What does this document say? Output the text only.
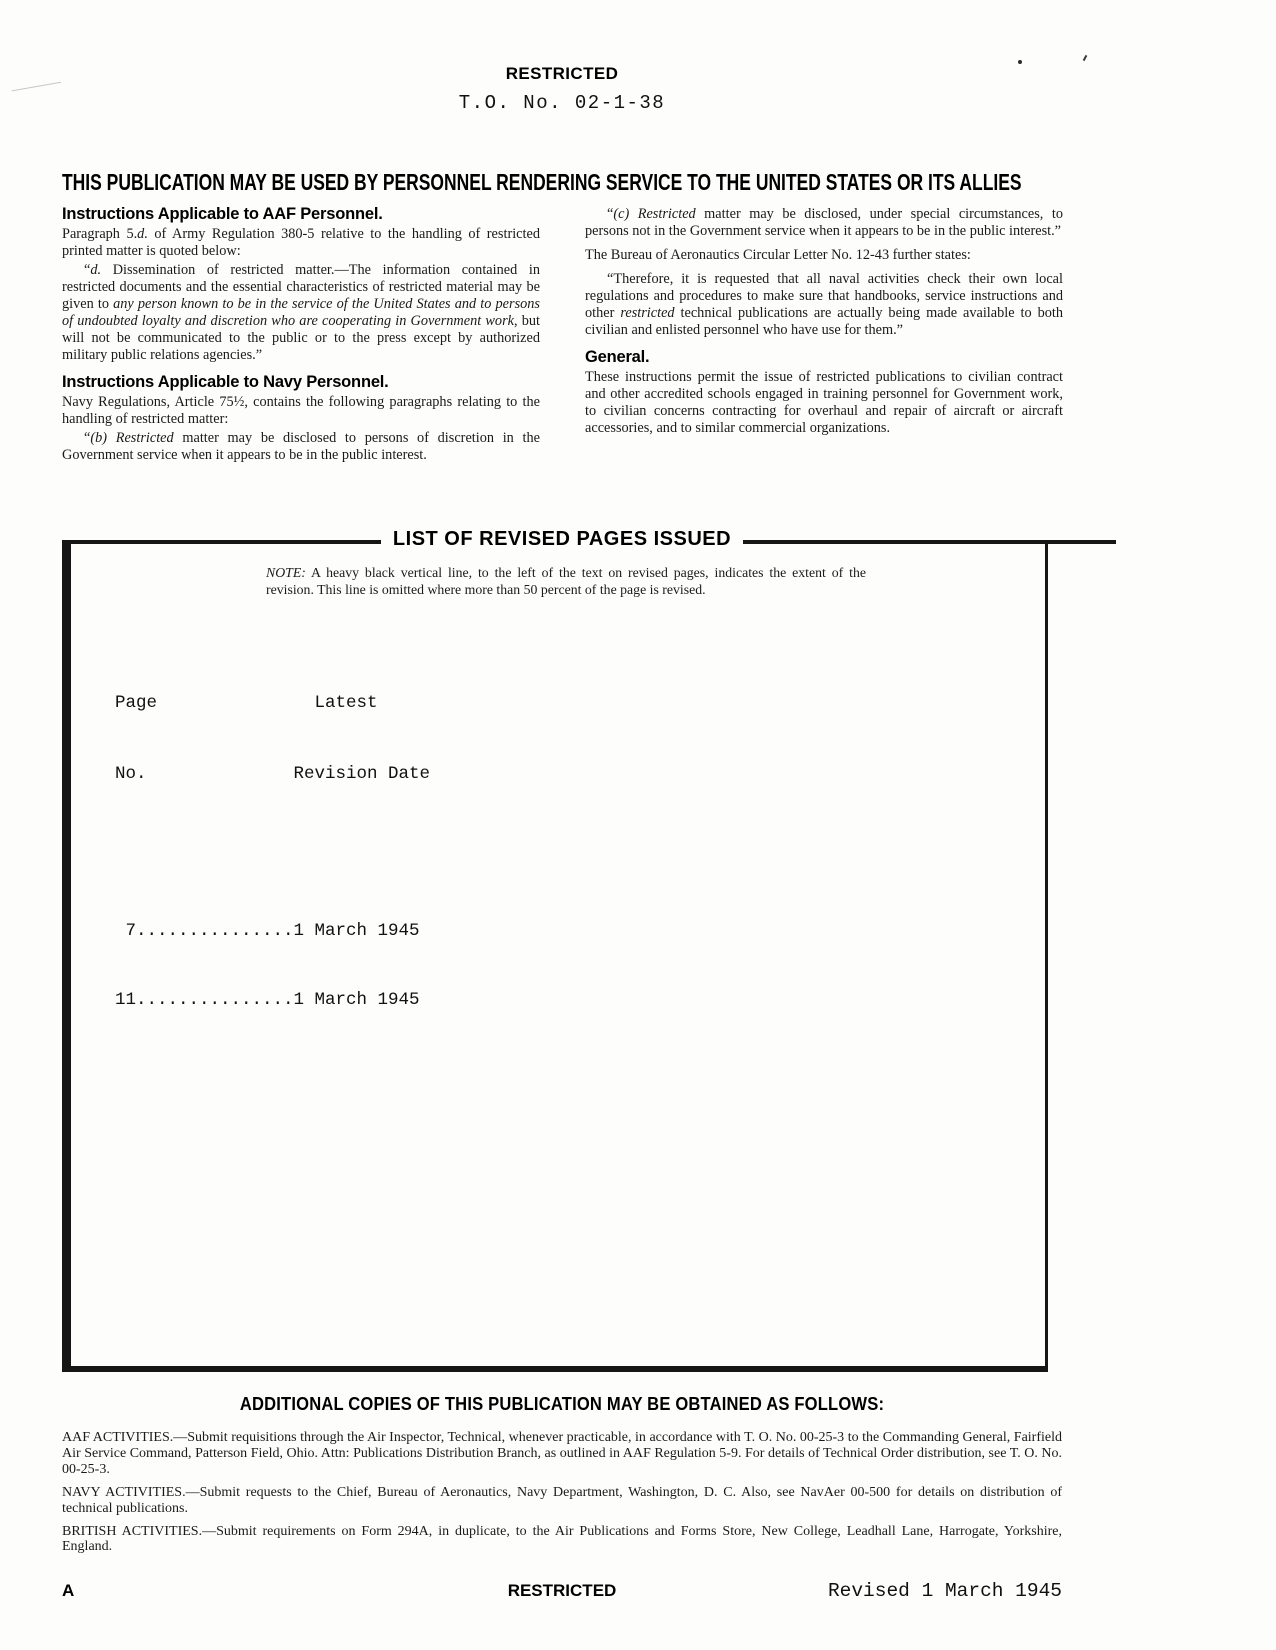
RESTRICTED
T.O. No. 02-1-38
THIS PUBLICATION MAY BE USED BY PERSONNEL RENDERING SERVICE TO THE UNITED STATES OR ITS ALLIES
Instructions Applicable to AAF Personnel.

Paragraph 5.d. of Army Regulation 380-5 relative to the handling of restricted printed matter is quoted below:

“d. Dissemination of restricted matter.—The information contained in restricted documents and the essential characteristics of restricted material may be given to any person known to be in the service of the United States and to persons of undoubted loyalty and discretion who are cooperating in Government work, but will not be communicated to the public or to the press except by authorized military public relations agencies.”

Instructions Applicable to Navy Personnel.

Navy Regulations, Article 75½, contains the following paragraphs relating to the handling of restricted matter:

“(b) Restricted matter may be disclosed to persons of discretion in the Government service when it appears to be in the public interest.

“(c) Restricted matter may be disclosed, under special circumstances, to persons not in the Government service when it appears to be in the public interest.”

The Bureau of Aeronautics Circular Letter No. 12-43 further states:

“Therefore, it is requested that all naval activities check their own local regulations and procedures to make sure that handbooks, service instructions and other restricted technical publications are actually being made available to both civilian and enlisted personnel who have use for them.”

General.

These instructions permit the issue of restricted publications to civilian contract and other accredited schools engaged in training personnel for Government work, to civilian concerns contracting for overhaul and repair of aircraft or aircraft accessories, and to similar commercial organizations.

LIST OF REVISED PAGES ISSUED
NOTE: A heavy black vertical line, to the left of the text on revised pages, indicates the extent of the revision. This line is omitted where more than 50 percent of the page is revised.

Page               Latest

No.              Revision Date

7...............1 March 1945

11...............1 March 1945

ADDITIONAL COPIES OF THIS PUBLICATION MAY BE OBTAINED AS FOLLOWS:

AAF ACTIVITIES.—Submit requisitions through the Air Inspector, Technical, whenever practicable, in accordance with T. O. No. 00-25-3 to the Commanding General, Fairfield Air Service Command, Patterson Field, Ohio. Attn: Publications Distribution Branch, as outlined in AAF Regulation 5-9. For details of Technical Order distribution, see T. O. No. 00-25-3.

NAVY ACTIVITIES.—Submit requests to the Chief, Bureau of Aeronautics, Navy Department, Washington, D. C. Also, see NavAer 00-500 for details on distribution of technical publications.

BRITISH ACTIVITIES.—Submit requirements on Form 294A, in duplicate, to the Air Publications and Forms Store, New College, Leadhall Lane, Harrogate, Yorkshire, England.

A	RESTRICTED	Revised 1 March 1945
